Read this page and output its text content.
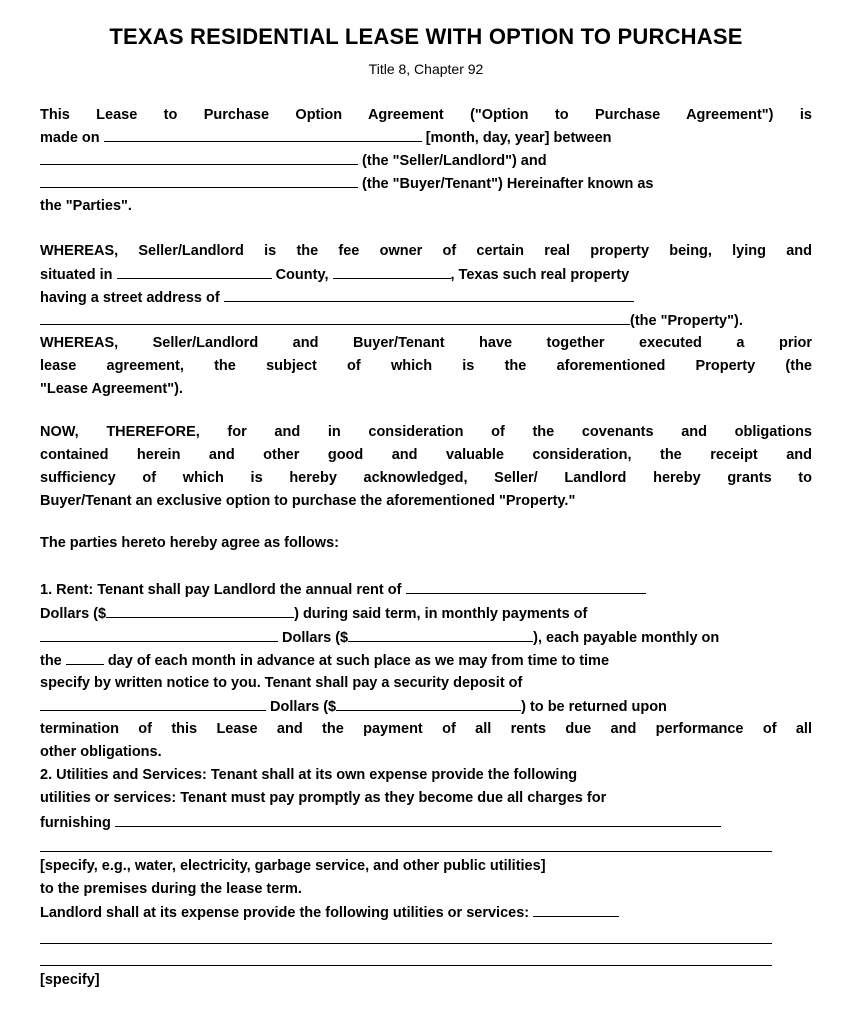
TEXAS RESIDENTIAL LEASE WITH OPTION TO PURCHASE
Title 8, Chapter 92
This Lease to Purchase Option Agreement ("Option to Purchase Agreement") is
made on	[month, day, year] between
(the "Seller/Landlord") and
(the "Buyer/Tenant") Hereinafter known as
the "Parties".
WHEREAS, Seller/Landlord is the fee owner of certain real property being, lying and
situated in	County,	, Texas such real property
having a street address of
(the "Property").
WHEREAS, Seller/Landlord and Buyer/Tenant have together executed a prior
lease agreement, the subject of which is the aforementioned Property (the
"Lease Agreement").
NOW, THEREFORE, for and in consideration of the covenants and obligations
contained herein and other good and valuable consideration, the receipt and
sufficiency of which is hereby acknowledged, Seller/ Landlord hereby grants to
Buyer/Tenant an exclusive option to purchase the aforementioned "Property."
The parties hereto hereby agree as follows:
1. Rent: Tenant shall pay Landlord the annual rent of
Dollars ($	) during said term, in monthly payments of
Dollars ($	), each payable monthly on
the	day of each month in advance at such place as we may from time to time
specify by written notice to you. Tenant shall pay a security deposit of
Dollars ($	) to be returned upon
termination of this Lease and the payment of all rents due and performance of all
other obligations.
2. Utilities and Services: Tenant shall at its own expense provide the following
utilities or services: Tenant must pay promptly as they become due all charges for
furnishing
[specify, e.g., water, electricity, garbage service, and other public utilities]
to the premises during the lease term.
Landlord shall at its expense provide the following utilities or services:
[specify]
